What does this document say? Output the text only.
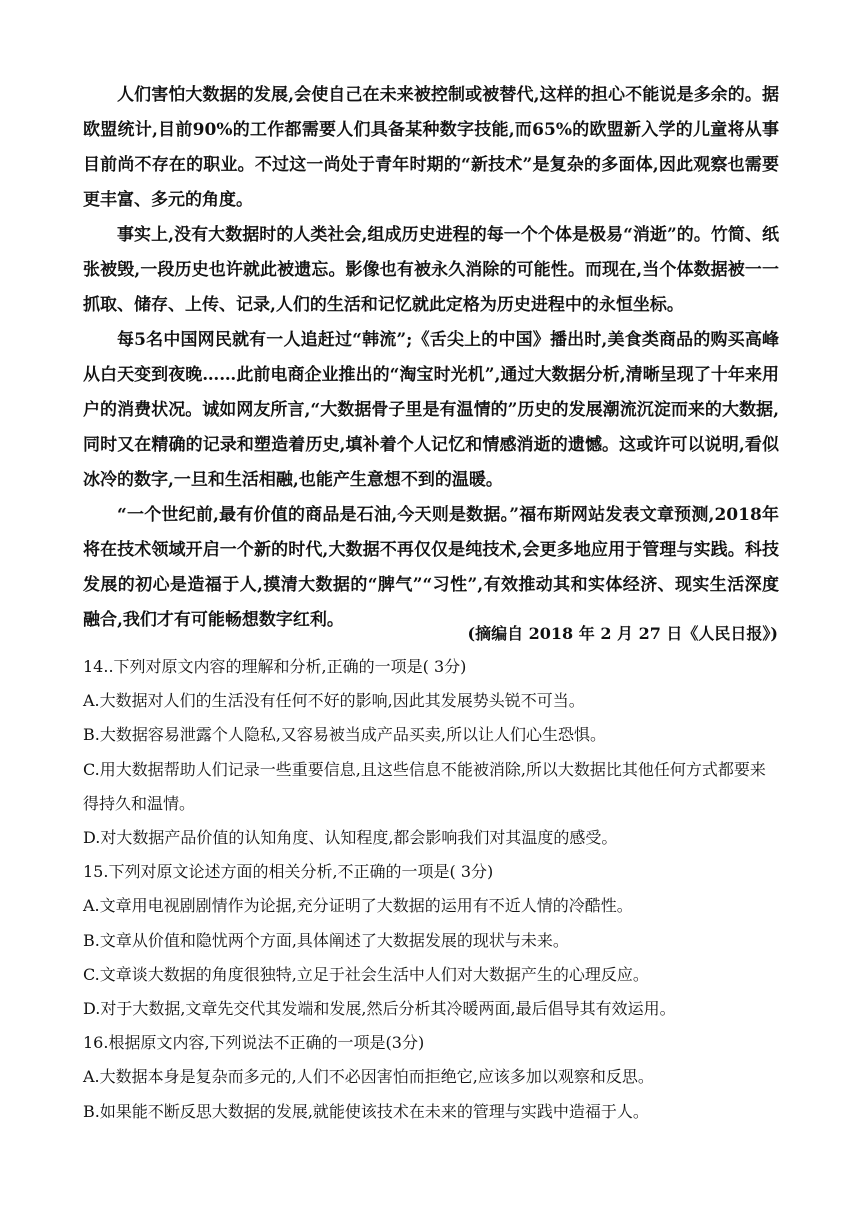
人们害怕大数据的发展,会使自己在未来被控制或被替代,这样的担心不能说是多余的。据欧盟统计,目前90%的工作都需要人们具备某种数字技能,而65%的欧盟新入学的儿童将从事目前尚不存在的职业。不过这一尚处于青年时期的“新技术”是复杂的多面体,因此观察也需要更丰富、多元的角度。

事实上,没有大数据时的人类社会,组成历史进程的每一个个体是极易“消逝”的。竹简、纸张被毁,一段历史也许就此被遗忘。影像也有被永久消除的可能性。而现在,当个体数据被一一抓取、储存、上传、记录,人们的生活和记忆就此定格为历史进程中的永恒坐标。

每5名中国网民就有一人追赶过“韩流”;《舌尖上的中国》播出时,美食类商品的购买高峰从白天变到夜晚……此前电商企业推出的“淘宝时光机”,通过大数据分析,清晰呈现了十年来用户的消费状况。诚如网友所言,“大数据骨子里是有温情的”历史的发展潮流沉淀而来的大数据,同时又在精确的记录和塑造着历史,填补着个人记忆和情感消逝的遗憾。这或许可以说明,看似冰冷的数字,一旦和生活相融,也能产生意想不到的温暖。

“一个世纪前,最有价值的商品是石油,今天则是数据。”福布斯网站发表文章预测,2018年将在技术领域开启一个新的时代,大数据不再仅仅是纯技术,会更多地应用于管理与实践。科技发展的初心是造福于人,摸清大数据的“脾气”“习性”,有效推动其和实体经济、现实生活深度融合,我们才有可能畅想数字红利。

(摘编自 2018 年 2 月 27 日《人民日报》)

14..下列对原文内容的理解和分析,正确的一项是( 3分)

A.大数据对人们的生活没有任何不好的影响,因此其发展势头锐不可当。

B.大数据容易泄露个人隐私,又容易被当成产品买卖,所以让人们心生恐惧。

C.用大数据帮助人们记录一些重要信息,且这些信息不能被消除,所以大数据比其他任何方式都要来得持久和温情。

D.对大数据产品价值的认知角度、认知程度,都会影响我们对其温度的感受。

15.下列对原文论述方面的相关分析,不正确的一项是( 3分)

A.文章用电视剧剧情作为论据,充分证明了大数据的运用有不近人情的冷酷性。

B.文章从价值和隐忧两个方面,具体阐述了大数据发展的现状与未来。

C.文章谈大数据的角度很独特,立足于社会生活中人们对大数据产生的心理反应。

D.对于大数据,文章先交代其发端和发展,然后分析其冷暖两面,最后倡导其有效运用。

16.根据原文内容,下列说法不正确的一项是(3分)

A.大数据本身是复杂而多元的,人们不必因害怕而拒绝它,应该多加以观察和反思。

B.如果能不断反思大数据的发展,就能使该技术在未来的管理与实践中造福于人。
